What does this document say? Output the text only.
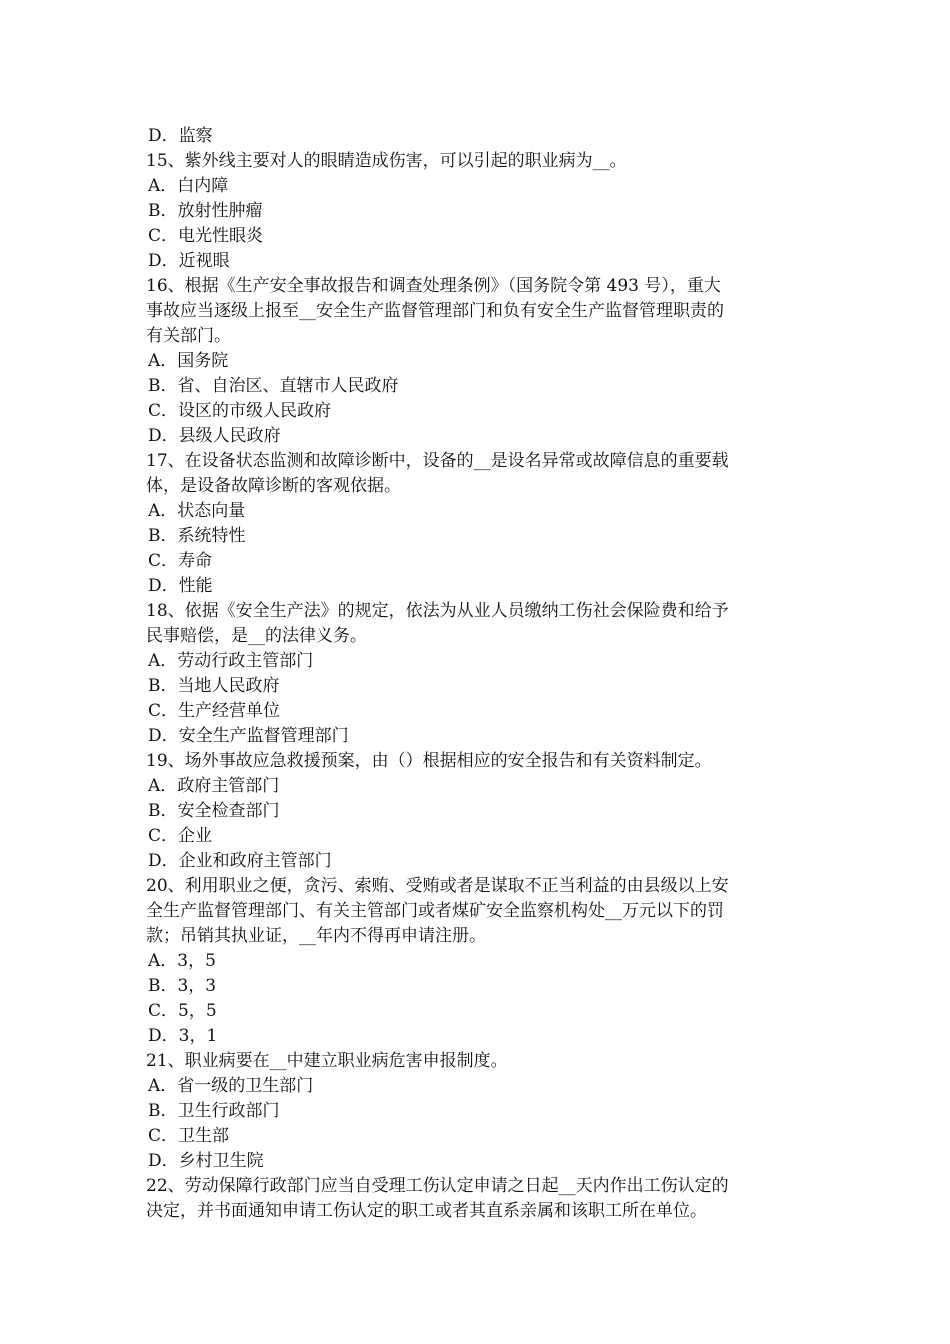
D．监察
15、紫外线主要对人的眼睛造成伤害，可以引起的职业病为__。
A．白内障
B．放射性肿瘤
C．电光性眼炎
D．近视眼
16、根据《生产安全事故报告和调查处理条例》（国务院令第 493 号），重大
事故应当逐级上报至__安全生产监督管理部门和负有安全生产监督管理职责的
有关部门。
A．国务院
B．省、自治区、直辖市人民政府
C．设区的市级人民政府
D．县级人民政府
17、在设备状态监测和故障诊断中，设备的__是设名异常或故障信息的重要载
体，是设备故障诊断的客观依据。
A．状态向量
B．系统特性
C．寿命
D．性能
18、依据《安全生产法》的规定，依法为从业人员缴纳工伤社会保险费和给予
民事赔偿，是__的法律义务。
A．劳动行政主管部门
B．当地人民政府
C．生产经营单位
D．安全生产监督管理部门
19、场外事故应急救援预案，由（）根据相应的安全报告和有关资料制定。
A．政府主管部门
B．安全检查部门
C．企业
D．企业和政府主管部门
20、利用职业之便，贪污、索贿、受贿或者是谋取不正当利益的由县级以上安
全生产监督管理部门、有关主管部门或者煤矿安全监察机构处__万元以下的罚
款；吊销其执业证，__年内不得再申请注册。
A．3，5
B．3，3
C．5，5
D．3，1
21、职业病要在__中建立职业病危害申报制度。
A．省一级的卫生部门
B．卫生行政部门
C．卫生部
D．乡村卫生院
22、劳动保障行政部门应当自受理工伤认定申请之日起__天内作出工伤认定的
决定，并书面通知申请工伤认定的职工或者其直系亲属和该职工所在单位。
